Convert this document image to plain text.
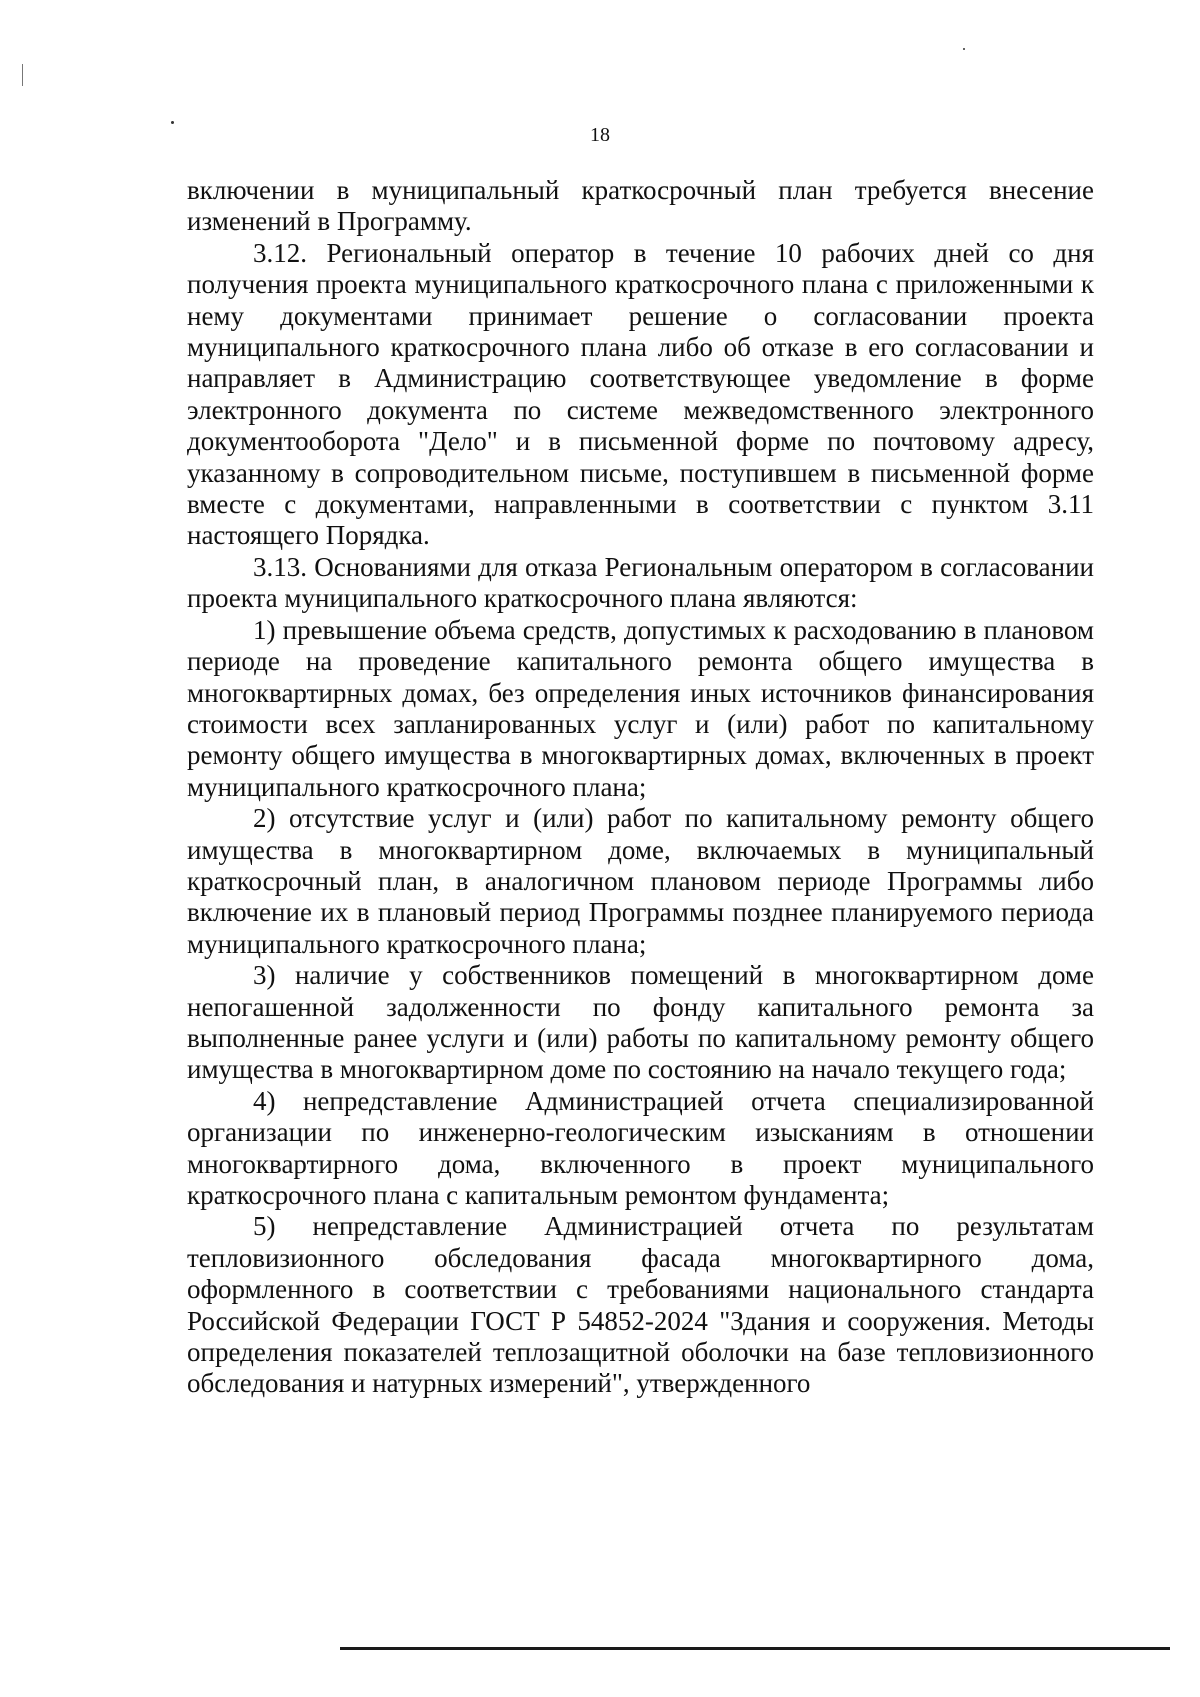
18

включении в муниципальный краткосрочный план требуется внесение изменений в Программу.

3.12. Региональный оператор в течение 10 рабочих дней со дня получения проекта муниципального краткосрочного плана с приложенными к нему документами принимает решение о согласовании проекта муниципального краткосрочного плана либо об отказе в его согласовании и направляет в Администрацию соответствующее уведомление в форме электронного документа по системе межведомственного электронного документооборота "Дело" и в письменной форме по почтовому адресу, указанному в сопроводительном письме, поступившем в письменной форме вместе с документами, направленными в соответствии с пунктом 3.11 настоящего Порядка.

3.13. Основаниями для отказа Региональным оператором в согласовании проекта муниципального краткосрочного плана являются:

1) превышение объема средств, допустимых к расходованию в плановом периоде на проведение капитального ремонта общего имущества в многоквартирных домах, без определения иных источников финансирования стоимости всех запланированных услуг и (или) работ по капитальному ремонту общего имущества в многоквартирных домах, включенных в проект муниципального краткосрочного плана;

2) отсутствие услуг и (или) работ по капитальному ремонту общего имущества в многоквартирном доме, включаемых в муниципальный краткосрочный план, в аналогичном плановом периоде Программы либо включение их в плановый период Программы позднее планируемого периода муниципального краткосрочного плана;

3) наличие у собственников помещений в многоквартирном доме непогашенной задолженности по фонду капитального ремонта за выполненные ранее услуги и (или) работы по капитальному ремонту общего имущества в многоквартирном доме по состоянию на начало текущего года;

4) непредставление Администрацией отчета специализированной организации по инженерно-геологическим изысканиям в отношении многоквартирного дома, включенного в проект муниципального краткосрочного плана с капитальным ремонтом фундамента;

5) непредставление Администрацией отчета по результатам тепловизионного обследования фасада многоквартирного дома, оформленного в соответствии с требованиями национального стандарта Российской Федерации ГОСТ Р 54852-2024 "Здания и сооружения. Методы определения показателей теплозащитной оболочки на базе тепловизионного обследования и натурных измерений", утвержденного
